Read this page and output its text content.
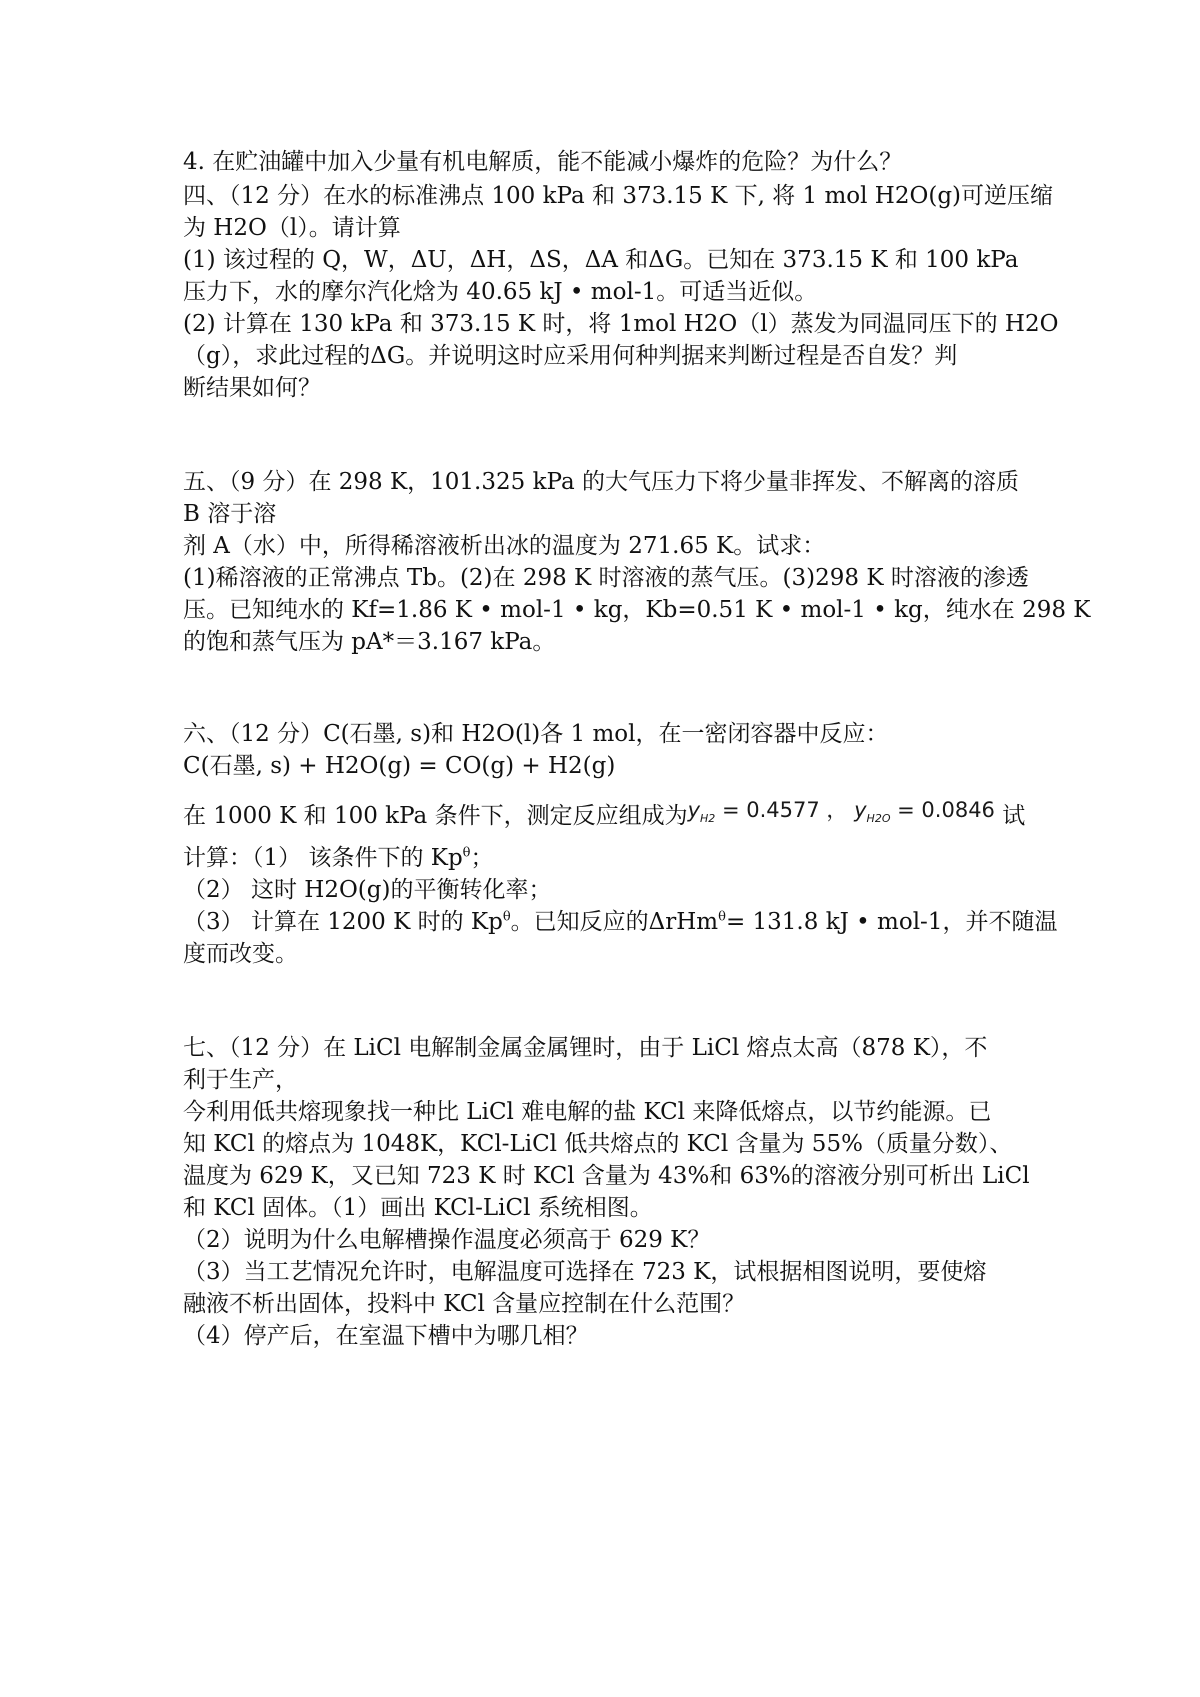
4. 在贮油罐中加入少量有机电解质，能不能减小爆炸的危险？为什么？
四、（12 分）在水的标准沸点 100 kPa 和 373.15 K 下, 将 1 mol H2O(g)可逆压缩
为 H2O（l）。请计算
(1) 该过程的 Q，W，ΔU，ΔH，ΔS，ΔA 和ΔG。已知在 373.15 K 和 100 kPa
压力下，水的摩尔汽化焓为 40.65 kJ • mol-1。可适当近似。
(2) 计算在 130 kPa 和 373.15 K 时，将 1mol H2O（l）蒸发为同温同压下的 H2O
（g），求此过程的ΔG。并说明这时应采用何种判据来判断过程是否自发？判
断结果如何？
五、（9 分）在 298 K，101.325 kPa 的大气压力下将少量非挥发、不解离的溶质
B 溶于溶
剂 A（水）中，所得稀溶液析出冰的温度为 271.65 K。试求：
(1)稀溶液的正常沸点 Tb。(2)在 298 K 时溶液的蒸气压。(3)298 K 时溶液的渗透
压。已知纯水的 Kf=1.86 K • mol-1 • kg，Kb=0.51 K • mol-1 • kg，纯水在 298 K
的饱和蒸气压为 pA*＝3.167 kPa。
六、（12 分）C(石墨, s)和 H2O(l)各 1 mol，在一密闭容器中反应：
C(石墨, s) + H2O(g) = CO(g) + H2(g)
在 1000 K 和 100 kPa 条件下，测定反应组成为$y_{H2} = 0.4577$ ， $y_{H2O} = 0.0846$ 试
计算：（1） 该条件下的 $Kp^\theta$；
（2） 这时 H2O(g)的平衡转化率；
（3） 计算在 1200 K 时的 $Kp^\theta$。已知反应的ΔrHm$^\theta$= 131.8 kJ • mol-1，并不随温
度而改变。
七、（12 分）在 LiCl 电解制金属金属锂时，由于 LiCl 熔点太高（878 K），不
利于生产，
今利用低共熔现象找一种比 LiCl 难电解的盐 KCl 来降低熔点，以节约能源。已
知 KCl 的熔点为 1048K，KCl-LiCl 低共熔点的 KCl 含量为 55%（质量分数）、
温度为 629 K，又已知 723 K 时 KCl 含量为 43%和 63%的溶液分别可析出 LiCl
和 KCl 固体。（1）画出 KCl-LiCl 系统相图。
（2）说明为什么电解槽操作温度必须高于 629 K？
（3）当工艺情况允许时，电解温度可选择在 723 K，试根据相图说明，要使熔
融液不析出固体，投料中 KCl 含量应控制在什么范围？
（4）停产后，在室温下槽中为哪几相？
